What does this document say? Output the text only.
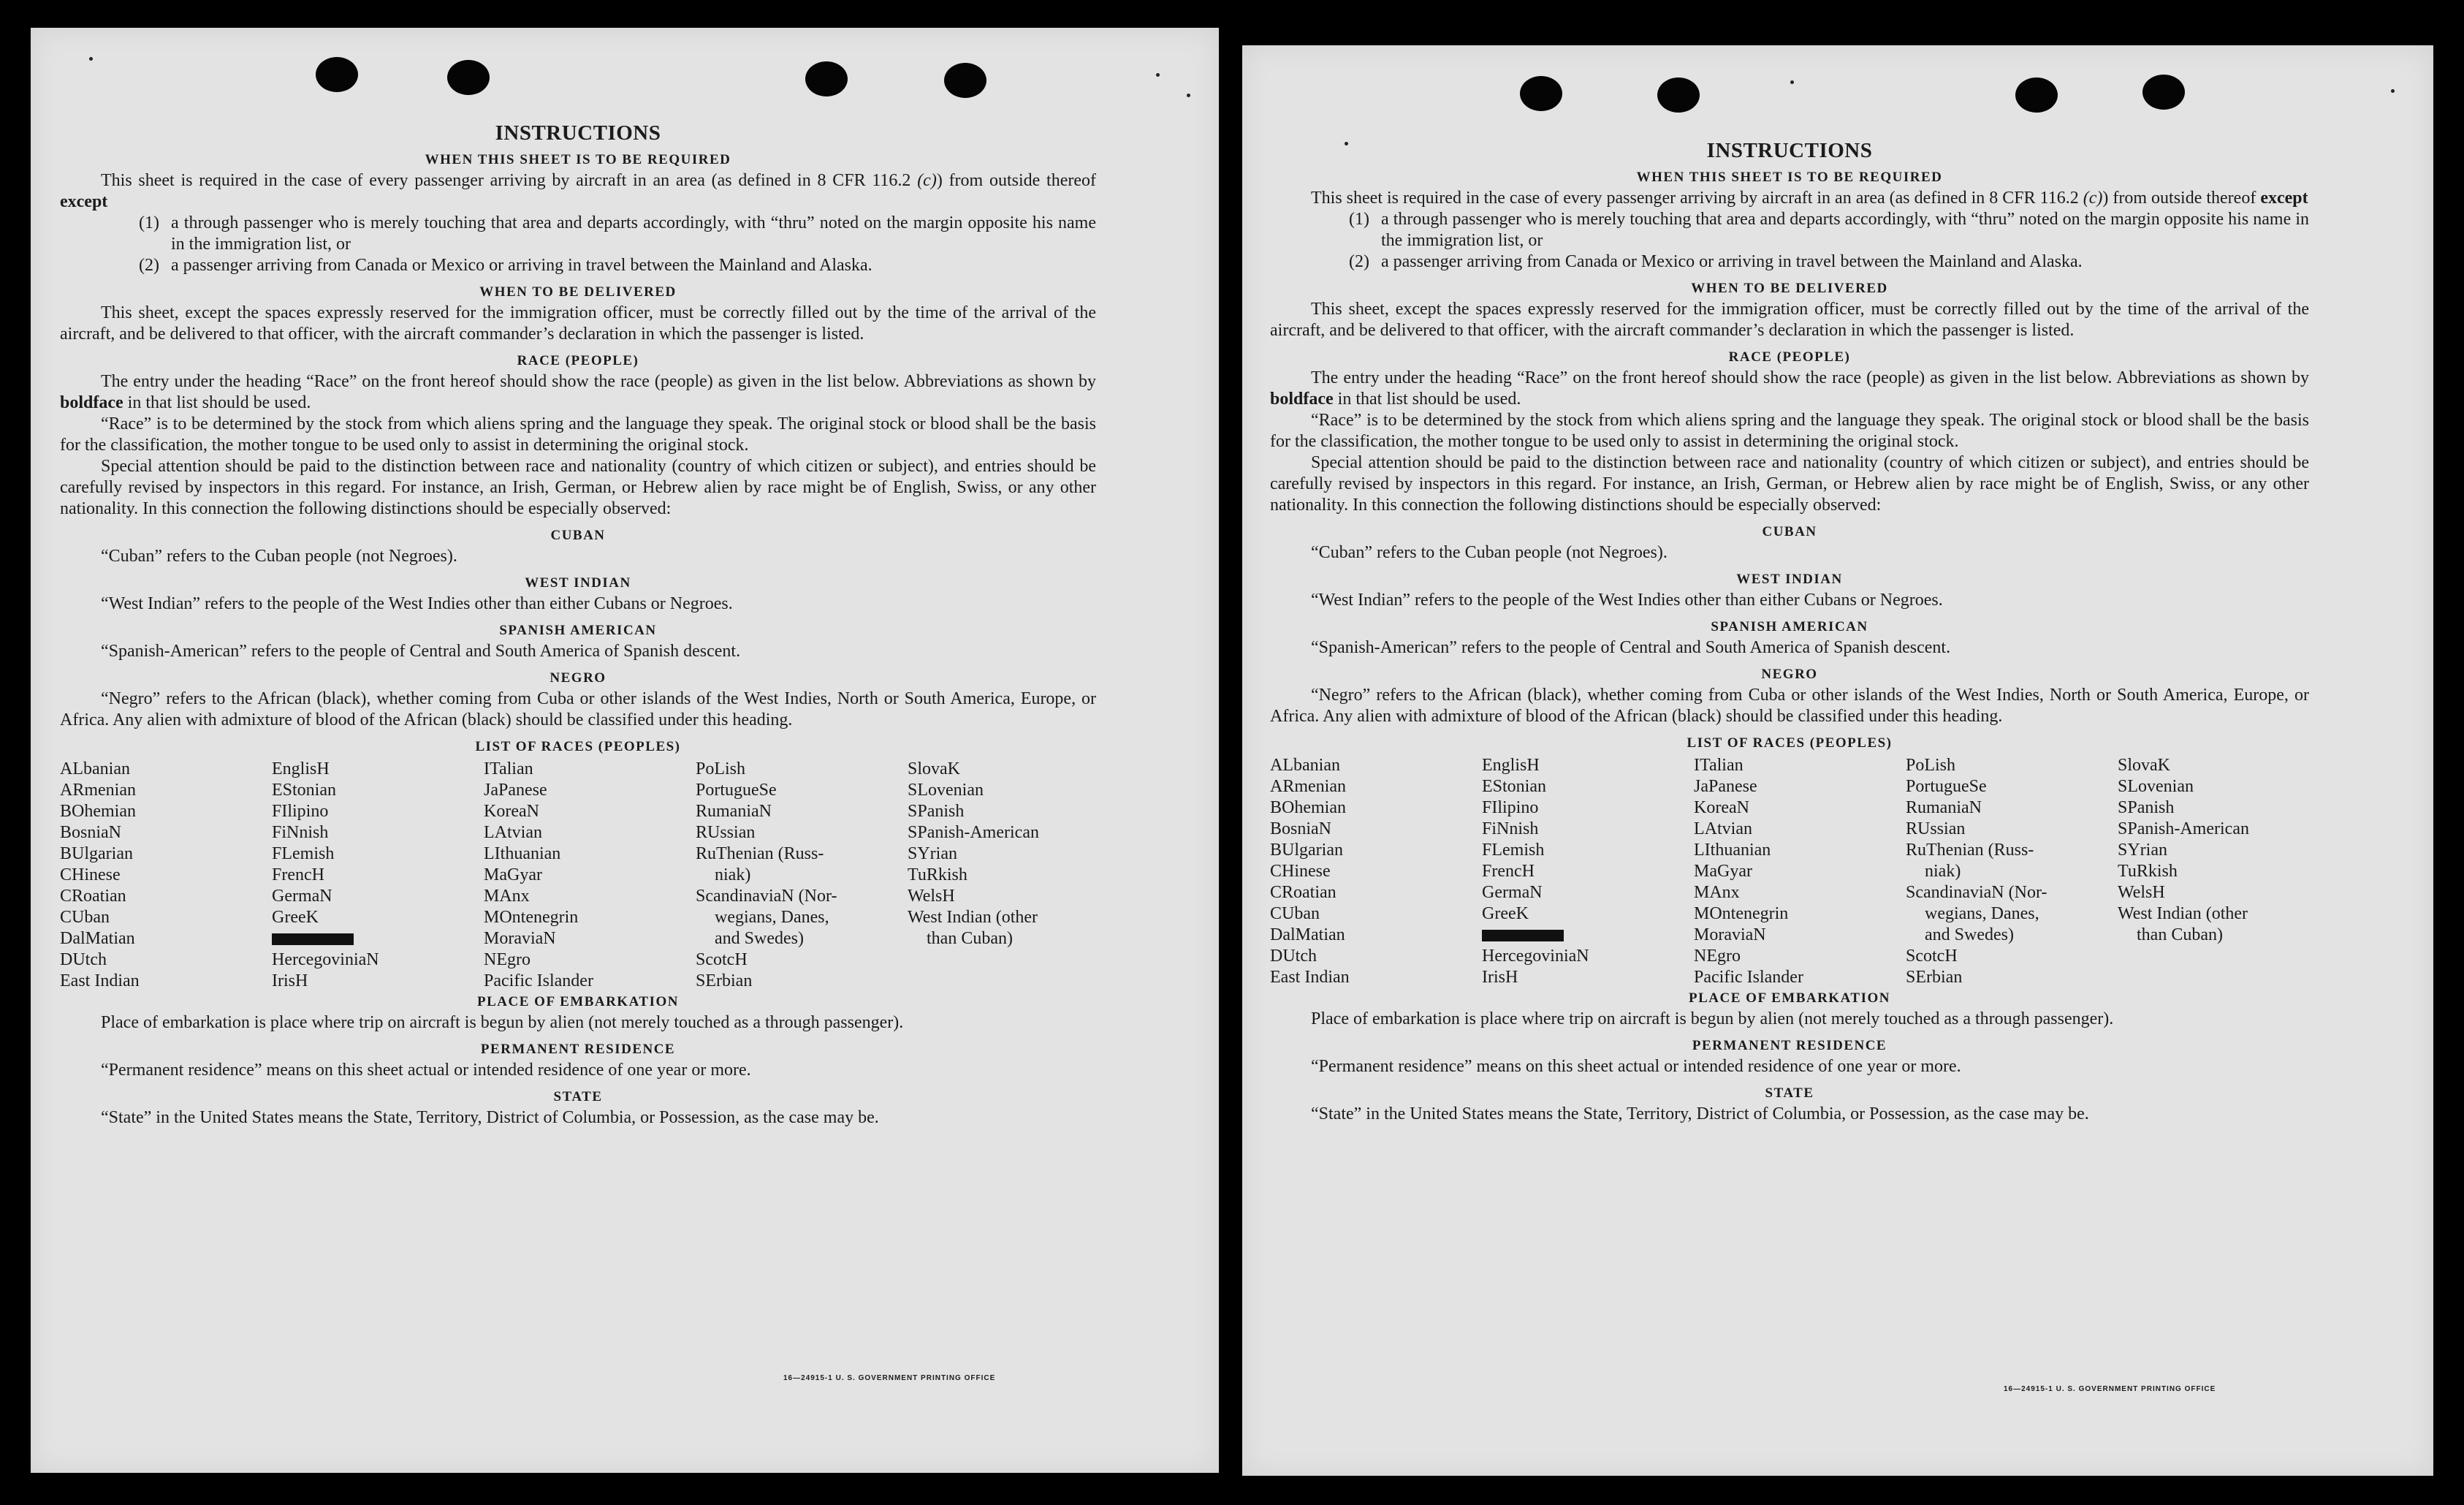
INSTRUCTIONS
WHEN THIS SHEET IS TO BE REQUIRED

This sheet is required in the case of every passenger arriving by aircraft in an area (as defined in 8 CFR 116.2 (c)) from outside thereof except

(1) a through passenger who is merely touching that area and departs accordingly, with “thru” noted on the margin opposite his name in the immigration list, or
(2) a passenger arriving from Canada or Mexico or arriving in travel between the Mainland and Alaska.
WHEN TO BE DELIVERED

This sheet, except the spaces expressly reserved for the immigration officer, must be correctly filled out by the time of the arrival of the aircraft, and be delivered to that officer, with the aircraft commander’s declaration in which the passenger is listed.

RACE (PEOPLE)

The entry under the heading “Race” on the front hereof should show the race (people) as given in the list below. Abbreviations as shown by boldface in that list should be used.

“Race” is to be determined by the stock from which aliens spring and the language they speak. The original stock or blood shall be the basis for the classification, the mother tongue to be used only to assist in determining the original stock.

Special attention should be paid to the distinction between race and nationality (country of which citizen or subject), and entries should be carefully revised by inspectors in this regard. For instance, an Irish, German, or Hebrew alien by race might be of English, Swiss, or any other nationality. In this connection the following distinctions should be especially observed:

CUBAN

“Cuban” refers to the Cuban people (not Negroes).

WEST INDIAN

“West Indian” refers to the people of the West Indies other than either Cubans or Negroes.

SPANISH AMERICAN

“Spanish-American” refers to the people of Central and South America of Spanish descent.

NEGRO

“Negro” refers to the African (black), whether coming from Cuba or other islands of the West Indies, North or South America, Europe, or Africa. Any alien with admixture of blood of the African (black) should be classified under this heading.

LIST OF RACES (PEOPLES)
ALbanian
ARmenian
BOhemian
BosniaN
BUlgarian
CHinese
CRoatian
CUban
DalMatian
DUtch
East Indian
EnglisH
EStonian
FIlipino
FiNnish
FLemish
FrencH
GermaN
GreeK
HercegoviniaN
IrisH
ITalian
JaPanese
KoreaN
LAtvian
LIthuanian
MaGyar
MAnx
MOntenegrin
MoraviaN
NEgro
Pacific Islander
PoLish
PortugueSe
RumaniaN
RUssian
RuThenian (Russ-
niak)
ScandinaviaN (Nor-
wegians, Danes,
and Swedes)
ScotcH
SErbian
SlovaK
SLovenian
SPanish
SPanish-American
SYrian
TuRkish
WelsH
West Indian (other
than Cuban)
PLACE OF EMBARKATION

Place of embarkation is place where trip on aircraft is begun by alien (not merely touched as a through passenger).

PERMANENT RESIDENCE

“Permanent residence” means on this sheet actual or intended residence of one year or more.

STATE

“State” in the United States means the State, Territory, District of Columbia, or Possession, as the case may be.

16—24915-1 U. S. GOVERNMENT PRINTING OFFICE
INSTRUCTIONS
WHEN THIS SHEET IS TO BE REQUIRED

This sheet is required in the case of every passenger arriving by aircraft in an area (as defined in 8 CFR 116.2 (c)) from outside thereof except

(1) a through passenger who is merely touching that area and departs accordingly, with “thru” noted on the margin opposite his name in the immigration list, or
(2) a passenger arriving from Canada or Mexico or arriving in travel between the Mainland and Alaska.
WHEN TO BE DELIVERED

This sheet, except the spaces expressly reserved for the immigration officer, must be correctly filled out by the time of the arrival of the aircraft, and be delivered to that officer, with the aircraft commander’s declaration in which the passenger is listed.

RACE (PEOPLE)

The entry under the heading “Race” on the front hereof should show the race (people) as given in the list below. Abbreviations as shown by boldface in that list should be used.

“Race” is to be determined by the stock from which aliens spring and the language they speak. The original stock or blood shall be the basis for the classification, the mother tongue to be used only to assist in determining the original stock.

Special attention should be paid to the distinction between race and nationality (country of which citizen or subject), and entries should be carefully revised by inspectors in this regard. For instance, an Irish, German, or Hebrew alien by race might be of English, Swiss, or any other nationality. In this connection the following distinctions should be especially observed:

CUBAN

“Cuban” refers to the Cuban people (not Negroes).

WEST INDIAN

“West Indian” refers to the people of the West Indies other than either Cubans or Negroes.

SPANISH AMERICAN

“Spanish-American” refers to the people of Central and South America of Spanish descent.

NEGRO

“Negro” refers to the African (black), whether coming from Cuba or other islands of the West Indies, North or South America, Europe, or Africa. Any alien with admixture of blood of the African (black) should be classified under this heading.

LIST OF RACES (PEOPLES)
ALbanian
ARmenian
BOhemian
BosniaN
BUlgarian
CHinese
CRoatian
CUban
DalMatian
DUtch
East Indian
EnglisH
EStonian
FIlipino
FiNnish
FLemish
FrencH
GermaN
GreeK
HercegoviniaN
IrisH
ITalian
JaPanese
KoreaN
LAtvian
LIthuanian
MaGyar
MAnx
MOntenegrin
MoraviaN
NEgro
Pacific Islander
PoLish
PortugueSe
RumaniaN
RUssian
RuThenian (Russ-
niak)
ScandinaviaN (Nor-
wegians, Danes,
and Swedes)
ScotcH
SErbian
SlovaK
SLovenian
SPanish
SPanish-American
SYrian
TuRkish
WelsH
West Indian (other
than Cuban)
PLACE OF EMBARKATION

Place of embarkation is place where trip on aircraft is begun by alien (not merely touched as a through passenger).

PERMANENT RESIDENCE

“Permanent residence” means on this sheet actual or intended residence of one year or more.

STATE

“State” in the United States means the State, Territory, District of Columbia, or Possession, as the case may be.

16—24915-1 U. S. GOVERNMENT PRINTING OFFICE
